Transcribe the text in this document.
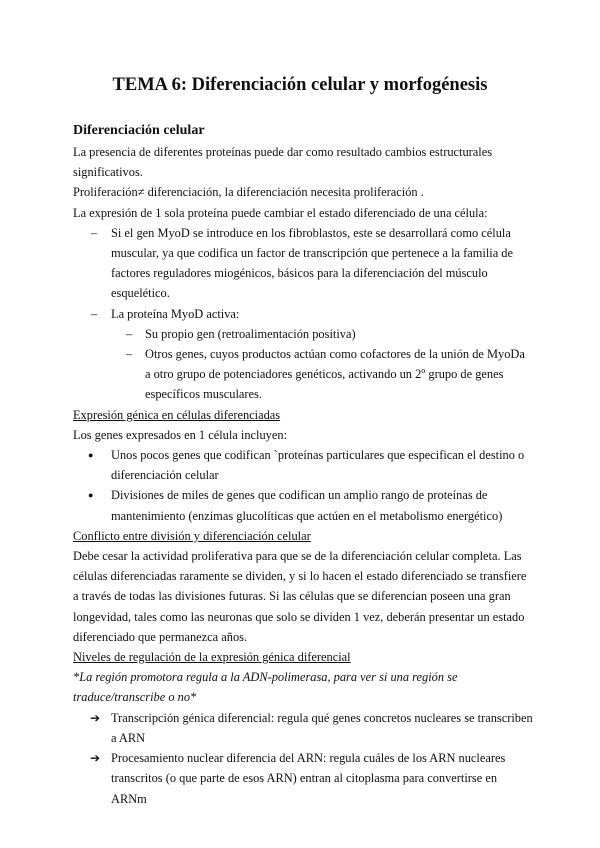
TEMA 6: Diferenciación celular y morfogénesis
Diferenciación celular

La presencia de diferentes proteínas puede dar como resultado cambios estructurales significativos.

Proliferación≠ diferenciación, la diferenciación necesita proliferación .

La expresión de 1 sola proteína puede cambiar el estado diferenciado de una célula:

– Si el gen MyoD se introduce en los fibroblastos, este se desarrollará como célula muscular, ya que codifica un factor de transcripción que pertenece a la familia de factores reguladores miogénicos, básicos para la diferenciación del músculo esquelético.
– La proteína MyoD activa:
– Su propio gen (retroalimentación positiva)
– Otros genes, cuyos productos actúan como cofactores de la unión de MyoDa a otro grupo de potenciadores genéticos, activando un 2$^o$ grupo de genes específicos musculares.
Expresión génica en células diferenciadas

Los genes expresados en 1 célula incluyen:

● Unos pocos genes que codifican `proteínas particulares que especifican el destino o diferenciación celular
● Divisiones de miles de genes que codifican un amplio rango de proteínas de mantenimiento (enzimas glucolíticas que actúen en el metabolismo energético)
Conflicto entre división y diferenciación celular

Debe cesar la actividad proliferativa para que se de la diferenciación celular completa. Las células diferenciadas raramente se dividen, y si lo hacen el estado diferenciado se transfiere a través de todas las divisiones futuras. Si las células que se diferencian poseen una gran longevidad, tales como las neuronas que solo se dividen 1 vez, deberán presentar un estado diferenciado que permanezca años.

Niveles de regulación de la expresión génica diferencial

*La región promotora regula a la ADN-polimerasa, para ver si una región se traduce/transcribe o no*

➔ Transcripción génica diferencial: regula qué genes concretos nucleares se transcriben a ARN
➔ Procesamiento nuclear diferencia del ARN: regula cuáles de los ARN nucleares transcritos (o que parte de esos ARN) entran al citoplasma para convertirse en ARNm
